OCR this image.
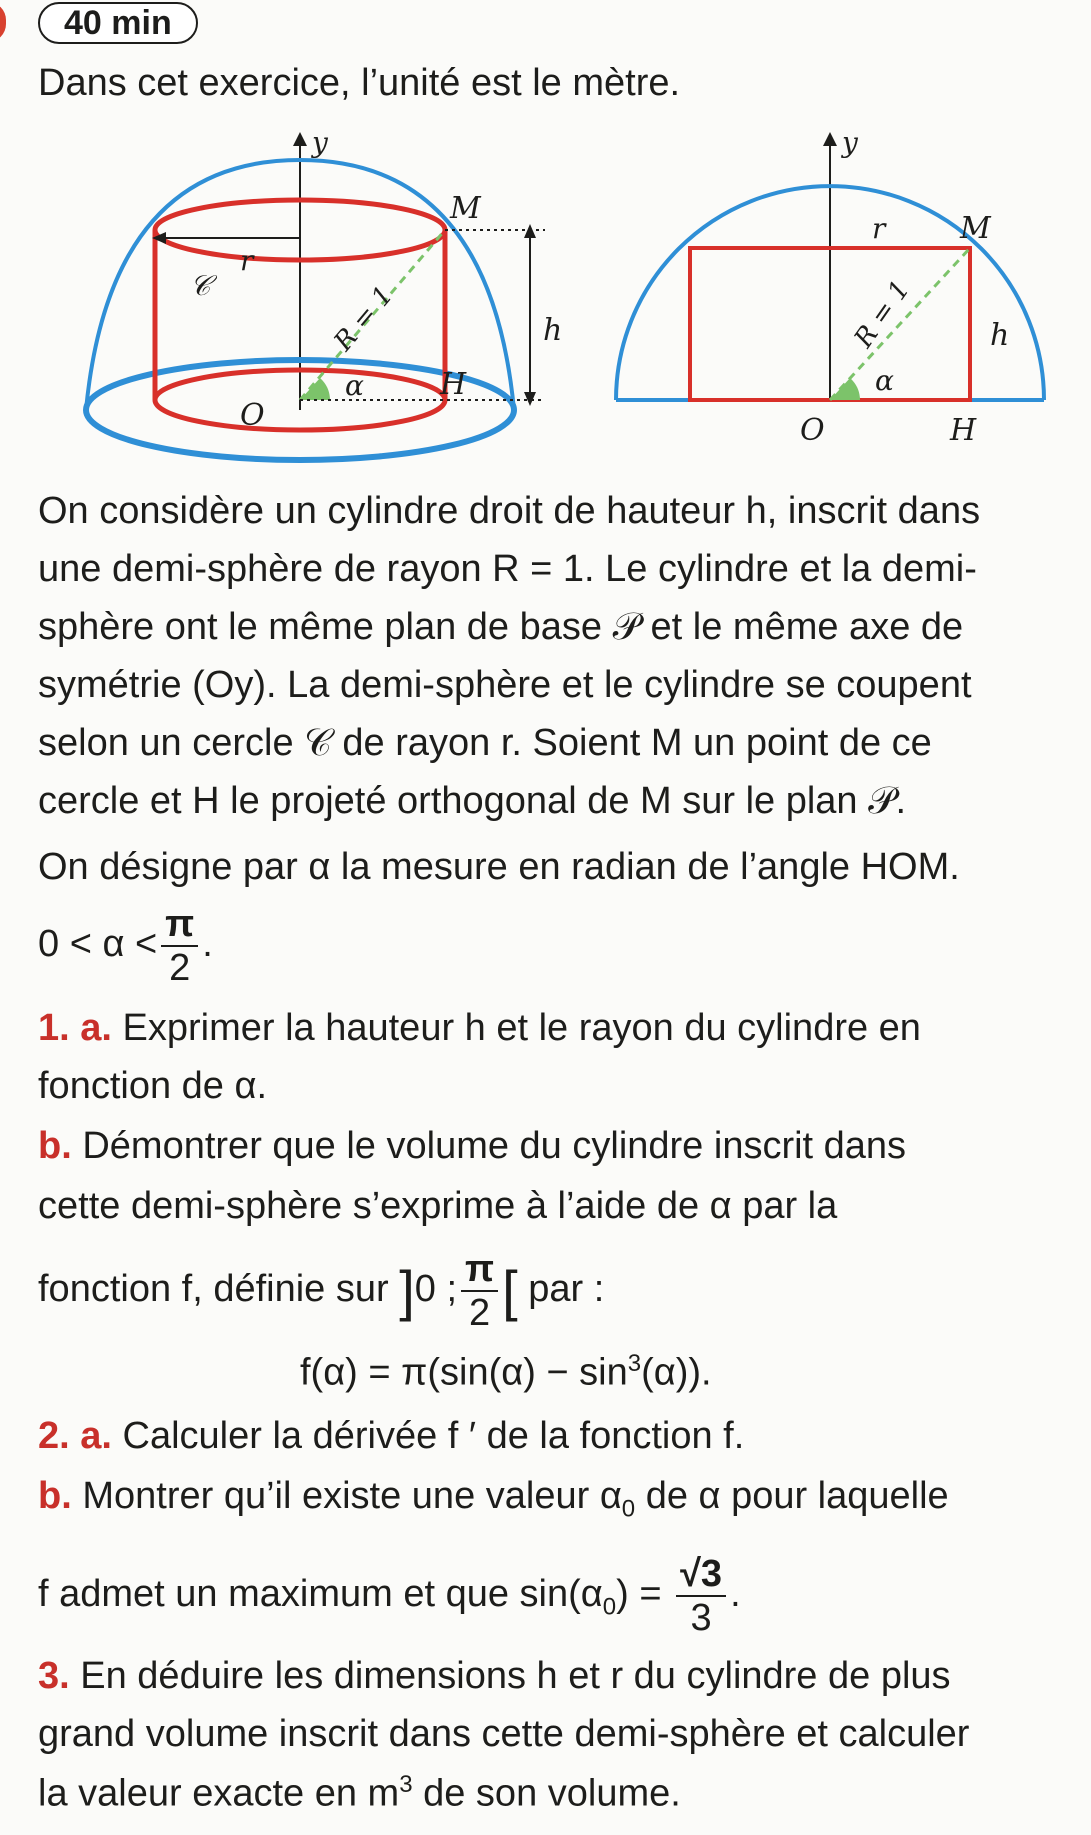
40 min
Dans cet exercice, l’unité est le mètre.
y
r
𝒞
α
R = 1	h
M
H
O
y
α
R = 1
r M
h
O	H
On considère un cylindre droit de hauteur h, inscrit dans
une demi-sphère de rayon R = 1. Le cylindre et la demi-
sphère ont le même plan de base 𝒫 et le même axe de
symétrie (Oy). La demi-sphère et le cylindre se coupent
selon un cercle 𝒞 de rayon r. Soient M un point de ce
cercle et H le projeté orthogonal de M sur le plan 𝒫.
On désigne par α la mesure en radian de l’angle HOM.
$0 < \alpha < \frac{\pi}{2}$ .
1. a. Exprimer la hauteur h et le rayon du cylindre en
fonction de α.
b. Démontrer que le volume du cylindre inscrit dans
cette demi-sphère s’exprime à l’aide de α par la
fonction f, définie sur ]0 ; $\frac{\pi}{2}$ [ par :
$f(\alpha) = \pi(\sin(\alpha) - \sin^3(\alpha))$.
2. a. Calculer la dérivée f ′ de la fonction f.
b. Montrer qu’il existe une valeur $\alpha_0$ de α pour laquelle
f admet un maximum et que $\sin(\alpha_0) = \frac{√3}{3}$ .
3. En déduire les dimensions h et r du cylindre de plus
grand volume inscrit dans cette demi-sphère et calculer
la valeur exacte en $m^3$ de son volume.
